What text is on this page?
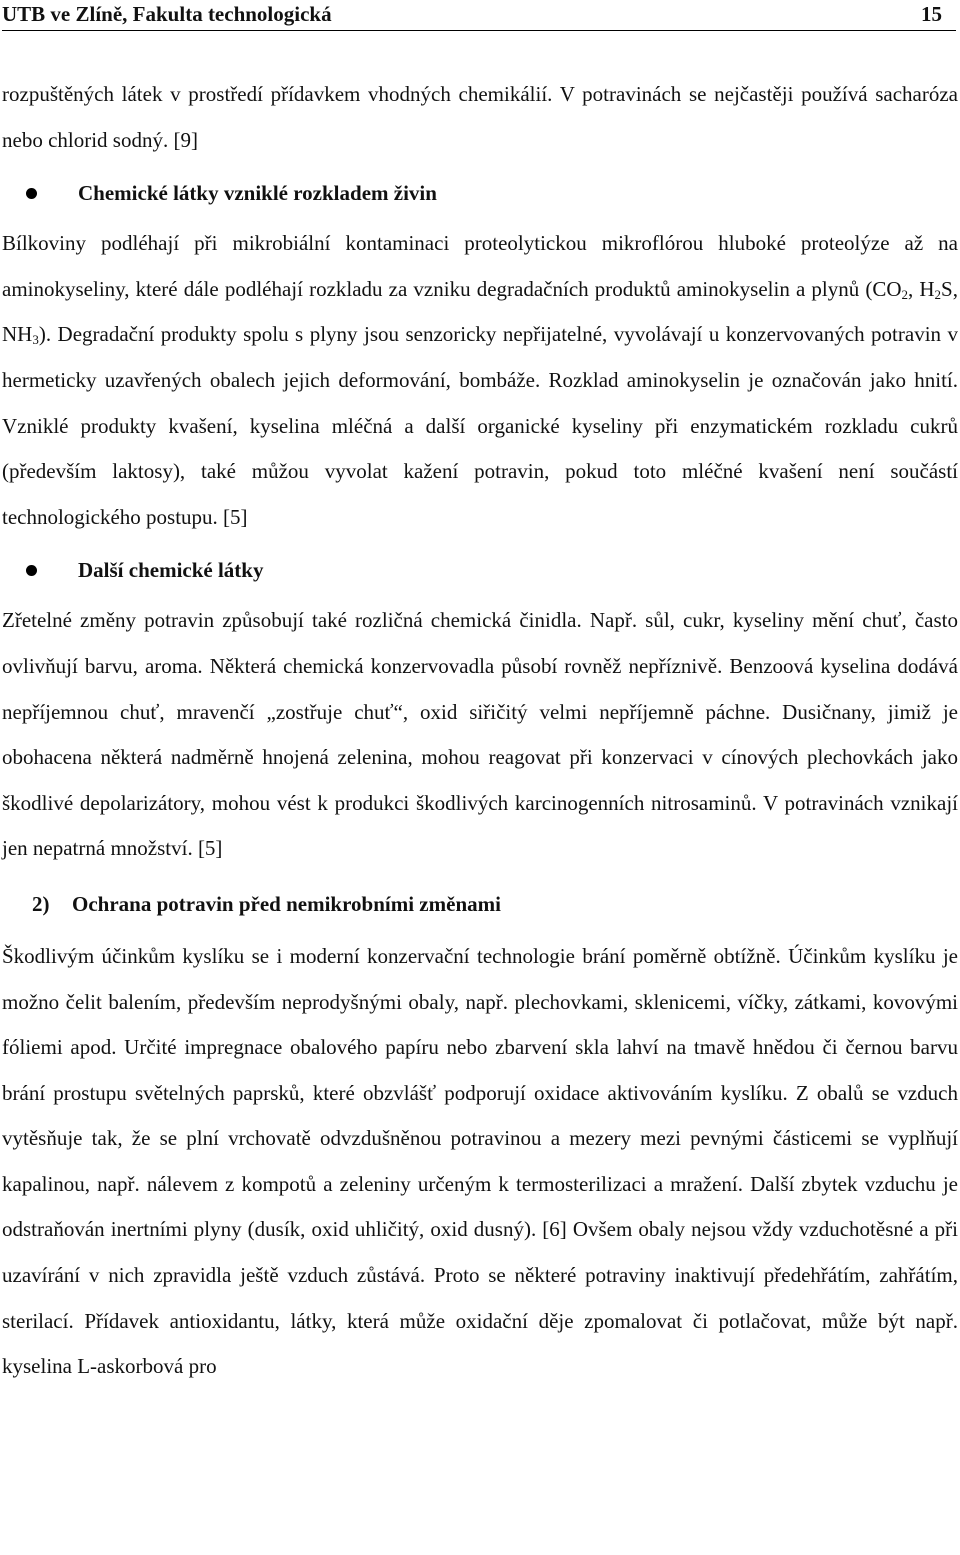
UTB ve Zlíně, Fakulta technologická	15

rozpuštěných látek v prostředí přídavkem vhodných chemikálií. V potravinách se nejčastěji používá sacharóza nebo chlorid sodný. [9]

Chemické látky vzniklé rozkladem živin

Bílkoviny podléhají při mikrobiální kontaminaci proteolytickou mikroflórou hluboké proteolýze až na aminokyseliny, které dále podléhají rozkladu za vzniku degradačních produktů aminokyselin a plynů ($CO_2$, $H_2S$, $NH_3$). Degradační produkty spolu s plyny jsou senzoricky nepřijatelné, vyvolávají u konzervovaných potravin v hermeticky uzavřených obalech jejich deformování, bombáže. Rozklad aminokyselin je označován jako hnití. Vzniklé produkty kvašení, kyselina mléčná a další organické kyseliny při enzymatickém rozkladu cukrů (především laktosy), také můžou vyvolat kažení potravin, pokud toto mléčné kvašení není součástí technologického postupu. [5]

Další chemické látky

Zřetelné změny potravin způsobují také rozličná chemická činidla. Např. sůl, cukr, kyseliny mění chuť, často ovlivňují barvu, aroma. Některá chemická konzervovadla působí rovněž nepříznivě. Benzoová kyselina dodává nepříjemnou chuť, mravenčí „zostřuje chuť“, oxid siřičitý velmi nepříjemně páchne. Dusičnany, jimiž je obohacena některá nadměrně hnojená zelenina, mohou reagovat při konzervaci v cínových plechovkách jako škodlivé depolarizátory, mohou vést k produkci škodlivých karcinogenních nitrosaminů. V potravinách vznikají jen nepatrná množství. [5]

2) Ochrana potravin před nemikrobními změnami

Škodlivým účinkům kyslíku se i moderní konzervační technologie brání poměrně obtížně. Účinkům kyslíku je možno čelit balením, především neprodyšnými obaly, např. plechovkami, sklenicemi, víčky, zátkami, kovovými fóliemi apod. Určité impregnace obalového papíru nebo zbarvení skla lahví na tmavě hnědou či černou barvu brání prostupu světelných paprsků, které obzvlášť podporují oxidace aktivováním kyslíku. Z obalů se vzduch vytěsňuje tak, že se plní vrchovatě odvzdušněnou potravinou a mezery mezi pevnými částicemi se vyplňují kapalinou, např. nálevem z kompotů a zeleniny určeným k termosterilizaci a mražení. Další zbytek vzduchu je odstraňován inertními plyny (dusík, oxid uhličitý, oxid dusný). [6] Ovšem obaly nejsou vždy vzduchotěsné a při uzavírání v nich zpravidla ještě vzduch zůstává. Proto se některé potraviny inaktivují předehřátím, zahřátím, sterilací. Přídavek antioxidantu, látky, která může oxidační děje zpomalovat či potlačovat, může být např. kyselina L-askorbová pro
